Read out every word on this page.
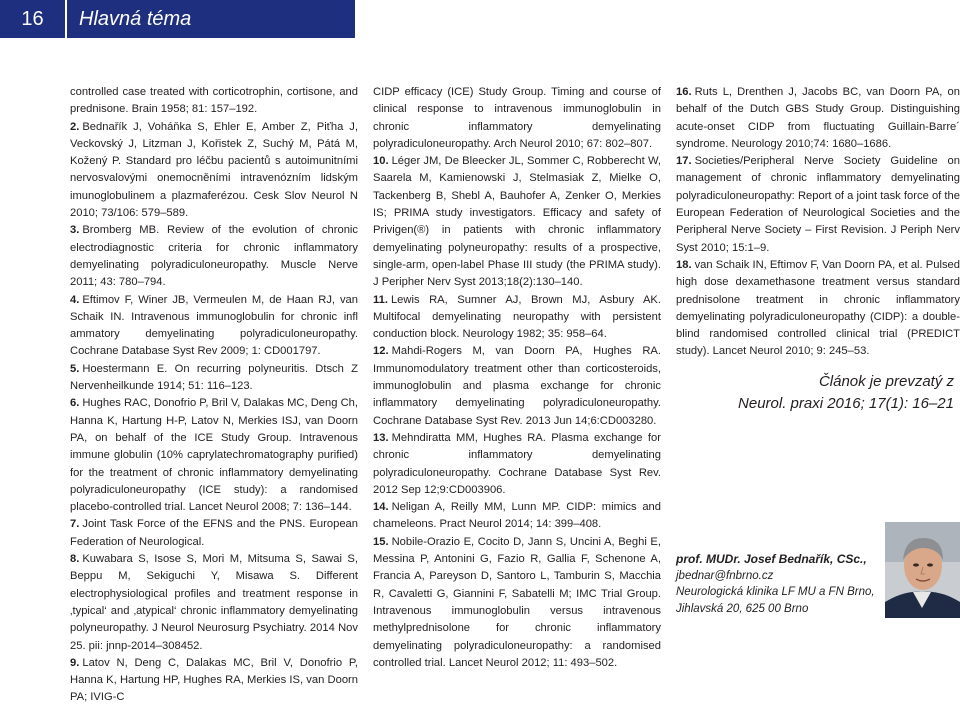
16	Hlavná téma

controlled case treated with corticotrophin, cortisone, and prednisone. Brain 1958; 81: 157–192.

2. Bednařík J, Voháňka S, Ehler E, Amber Z, Piťha J, Veckovský J, Litzman J, Kořistek Z, Suchý M, Pátá M, Kožený P. Standard pro léčbu pacientů s autoimunitními nervosvalovými onemocněními intravenózním lidským imunoglobulinem a plazmaferézou. Cesk Slov Neurol N 2010; 73/106: 579–589.

3. Bromberg MB. Review of the evolution of chronic electrodiagnostic criteria for chronic inflammatory demyelinating polyradiculoneuropathy. Muscle Nerve 2011; 43: 780–794.

4. Eftimov F, Winer JB, Vermeulen M, de Haan RJ, van Schaik IN. Intravenous immunoglobulin for chronic infl ammatory demyelinating polyradiculoneuropathy. Cochrane Database Syst Rev 2009; 1: CD001797.

5. Hoestermann E. On recurring polyneuritis. Dtsch Z Nervenheilkunde 1914; 51: 116–123.

6. Hughes RAC, Donofrio P, Bril V, Dalakas MC, Deng Ch, Hanna K, Hartung H-P, Latov N, Merkies ISJ, van Doorn PA, on behalf of the ICE Study Group. Intravenous immune globulin (10% caprylatechromatography purified) for the treatment of chronic inflammatory demyelinating polyradiculoneuropathy (ICE study): a randomised placebo-controlled trial. Lancet Neurol 2008; 7: 136–144.

7. Joint Task Force of the EFNS and the PNS. European Federation of Neurological.

8. Kuwabara S, Isose S, Mori M, Mitsuma S, Sawai S, Beppu M, Sekiguchi Y, Misawa S. Different electrophysiological profiles and treatment response in ‚typical‘ and ‚atypical‘ chronic inflammatory demyelinating polyneuropathy. J Neurol Neurosurg Psychiatry. 2014 Nov 25. pii: jnnp-2014–308452.

9. Latov N, Deng C, Dalakas MC, Bril V, Donofrio P, Hanna K, Hartung HP, Hughes RA, Merkies IS, van Doorn PA; IVIG-C

CIDP efficacy (ICE) Study Group. Timing and course of clinical response to intravenous immunoglobulin in chronic inflammatory demyelinating polyradiculoneuropathy. Arch Neurol 2010; 67: 802–807.

10. Léger JM, De Bleecker JL, Sommer C, Robberecht W, Saarela M, Kamienowski J, Stelmasiak Z, Mielke O, Tackenberg B, Shebl A, Bauhofer A, Zenker O, Merkies IS; PRIMA study investigators. Efficacy and safety of Privigen(®) in patients with chronic inflammatory demyelinating polyneuropathy: results of a prospective, single-arm, open-label Phase III study (the PRIMA study). J Peripher Nerv Syst 2013;18(2):130–140.

11. Lewis RA, Sumner AJ, Brown MJ, Asbury AK. Multifocal demyelinating neuropathy with persistent conduction block. Neurology 1982; 35: 958–64.

12. Mahdi-Rogers M, van Doorn PA, Hughes RA. Immunomodulatory treatment other than corticosteroids, immunoglobulin and plasma exchange for chronic inflammatory demyelinating polyradiculoneuropathy. Cochrane Database Syst Rev. 2013 Jun 14;6:CD003280.

13. Mehndiratta MM, Hughes RA. Plasma exchange for chronic inflammatory demyelinating polyradiculoneuropathy. Cochrane Database Syst Rev. 2012 Sep 12;9:CD003906.

14. Neligan A, Reilly MM, Lunn MP. CIDP: mimics and chameleons. Pract Neurol 2014; 14: 399–408.

15. Nobile-Orazio E, Cocito D, Jann S, Uncini A, Beghi E, Messina P, Antonini G, Fazio R, Gallia F, Schenone A, Francia A, Pareyson D, Santoro L, Tamburin S, Macchia R, Cavaletti G, Giannini F, Sabatelli M; IMC Trial Group. Intravenous immunoglobulin versus intravenous methylprednisolone for chronic inflammatory demyelinating polyradiculoneuropathy: a randomised controlled trial. Lancet Neurol 2012; 11: 493–502.

16. Ruts L, Drenthen J, Jacobs BC, van Doorn PA, on behalf of the Dutch GBS Study Group. Distinguishing acute-onset CIDP from fluctuating Guillain-Barre´ syndrome. Neurology 2010;74: 1680–1686.

17. Societies/Peripheral Nerve Society Guideline on management of chronic inflammatory demyelinating polyradiculoneuropathy: Report of a joint task force of the European Federation of Neurological Societies and the Peripheral Nerve Society – First Revision. J Periph Nerv Syst 2010; 15:1–9.

18. van Schaik IN, Eftimov F, Van Doorn PA, et al. Pulsed high dose dexamethasone treatment versus standard prednisolone treatment in chronic inflammatory demyelinating polyradiculoneuropathy (CIDP): a double-blind randomised controlled clinical trial (PREDICT study). Lancet Neurol 2010; 9: 245–53.

Článok je prevzatý z
Neurol. praxi 2016; 17(1): 16–21
prof. MUDr. Josef Bednařík, CSc.,
jbednar@fnbrno.cz
Neurologická klinika LF MU a FN Brno,
Jihlavská 20, 625 00 Brno
